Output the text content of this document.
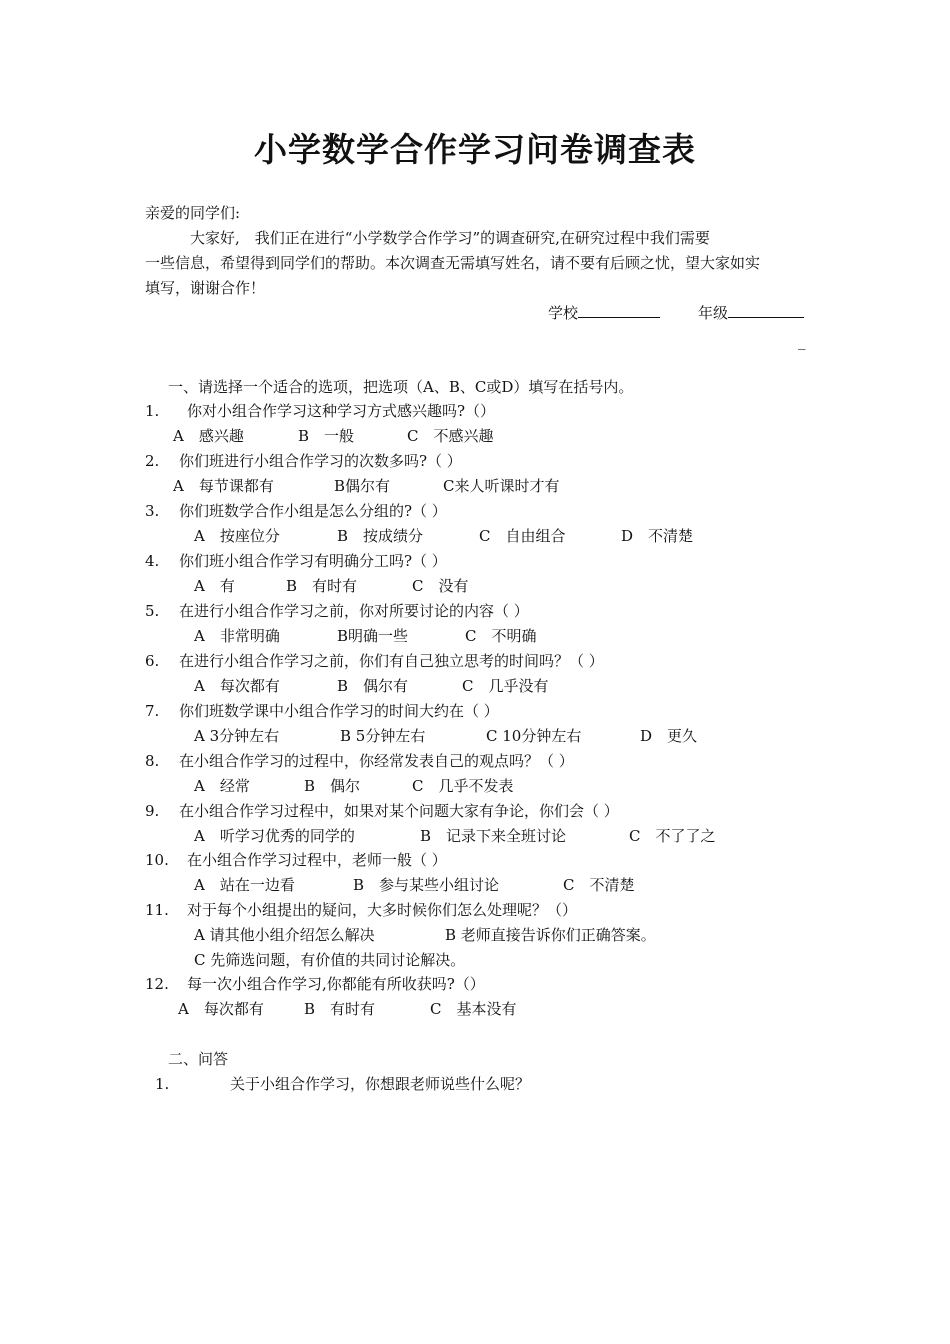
小学数学合作学习问卷调查表
亲爱的同学们:
大家好,　我们正在进行“小学数学合作学习”的调查研究,在研究过程中我们需要
一些信息，希望得到同学们的帮助。本次调查无需填写姓名，请不要有后顾之忧，望大家如实
填写，谢谢合作！
学校	年级
_
一、请选择一个适合的选项，把选项（A、B、C或D）填写在括号内。
1. 你对小组合作学习这种学习方式感兴趣吗?（）
A　感兴趣	B　一般	C　不感兴趣
2. 你们班进行小组合作学习的次数多吗?（ ）
A　每节课都有	B偶尔有	C来人听课时才有
3. 你们班数学合作小组是怎么分组的?（ ）
A　按座位分	B　按成绩分	C　自由组合	D　不清楚
4. 你们班小组合作学习有明确分工吗?（ ）
A　有	B　有时有	C　没有
5. 在进行小组合作学习之前，你对所要讨论的内容（ ）
A　非常明确	B明确一些	C　不明确
6. 在进行小组合作学习之前，你们有自己独立思考的时间吗？（ ）
A　每次都有	B　偶尔有	C　几乎没有
7. 你们班数学课中小组合作学习的时间大约在（ ）
A 3分钟左右	B 5分钟左右	C 10分钟左右	D　更久
8. 在小组合作学习的过程中，你经常发表自己的观点吗？（ ）
A　经常	B　偶尔	C　几乎不发表
9. 在小组合作学习过程中，如果对某个问题大家有争论，你们会（ ）
A　听学习优秀的同学的	B　记录下来全班讨论	C　不了了之
10. 在小组合作学习过程中，老师一般（ ）
A　站在一边看	B　参与某些小组讨论	C　不清楚
11. 对于每个小组提出的疑问，大多时候你们怎么处理呢？（）
A 请其他小组介绍怎么解决	B 老师直接告诉你们正确答案。
C 先筛选问题，有价值的共同讨论解决。
12. 每一次小组合作学习,你都能有所收获吗?（）
A　每次都有	B　有时有	C　基本没有
二、问答
1.	关于小组合作学习，你想跟老师说些什么呢？
